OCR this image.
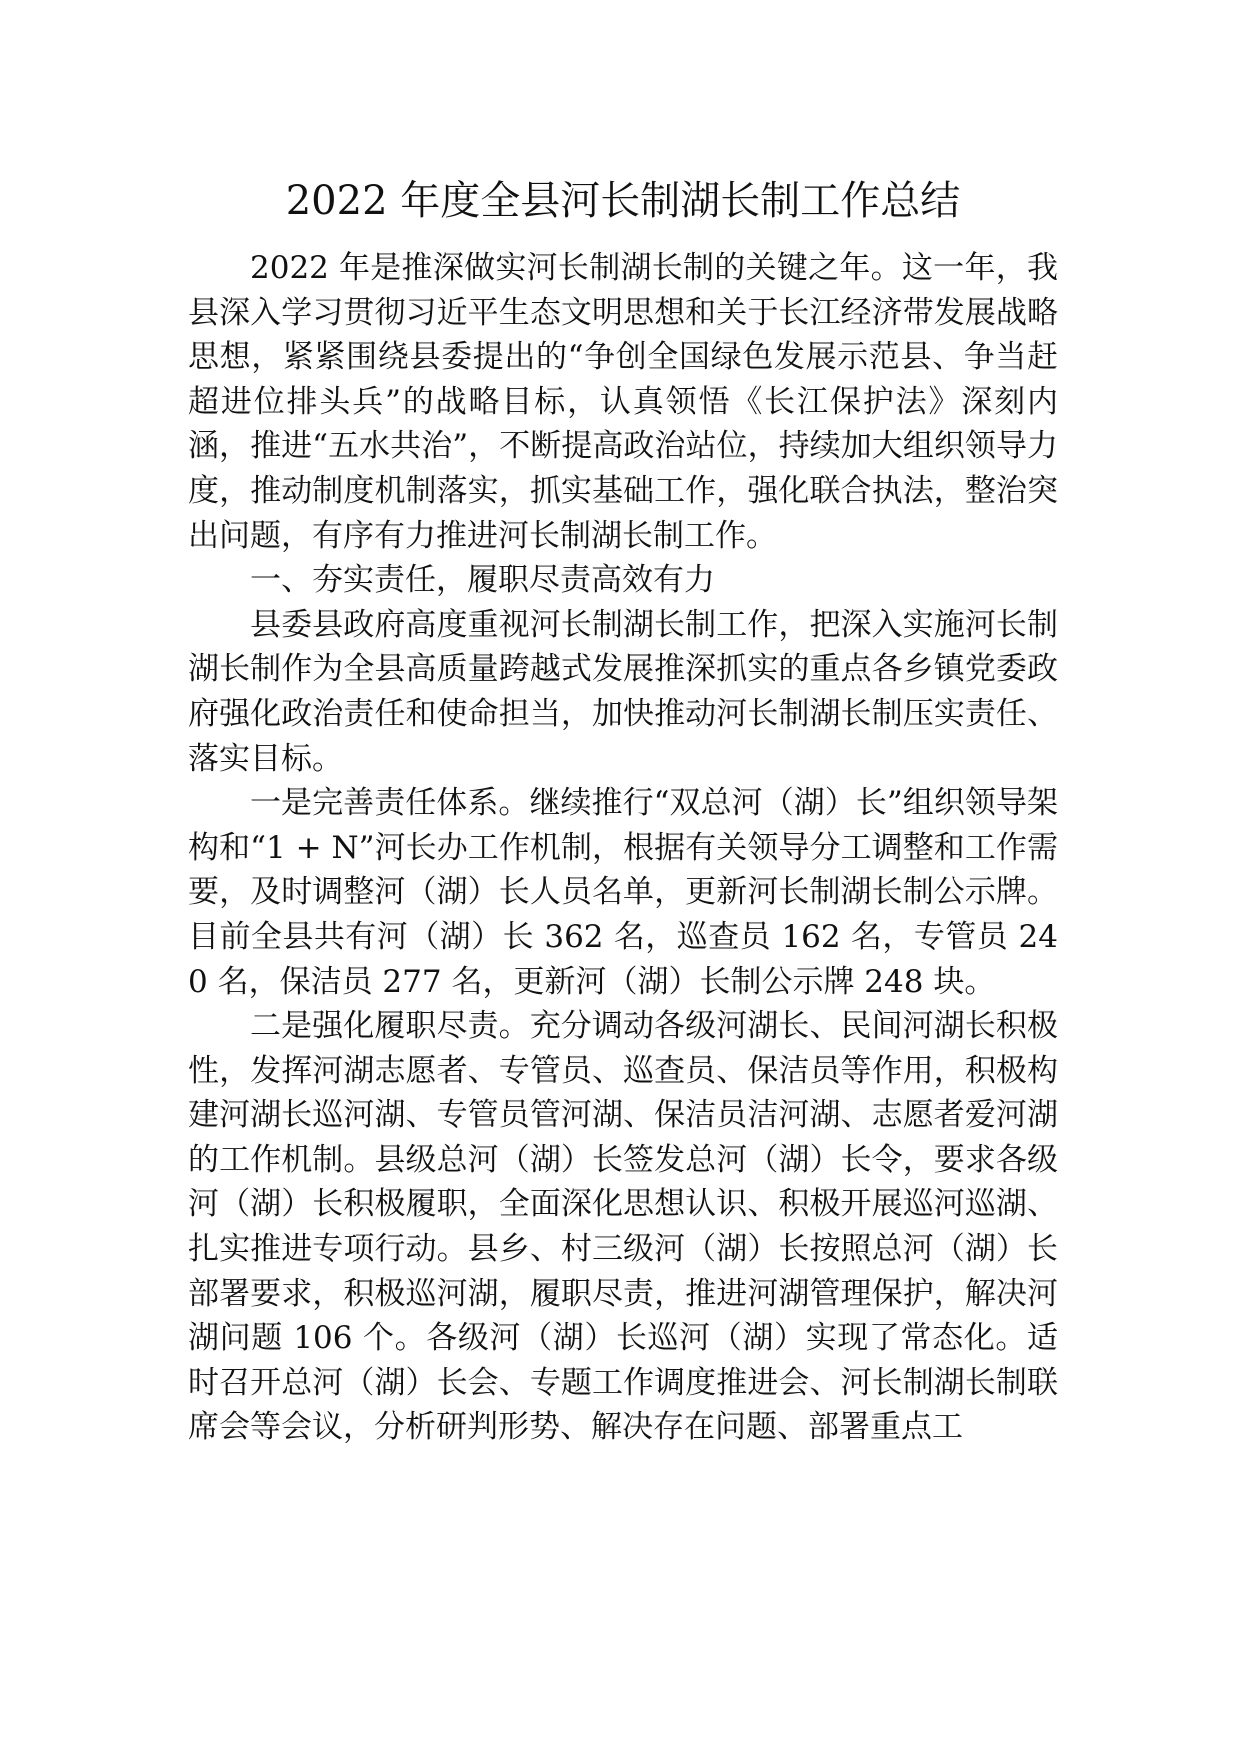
2022 年度全县河长制湖长制工作总结

2022 年是推深做实河长制湖长制的关键之年。这一年，我县深入学习贯彻习近平生态文明思想和关于长江经济带发展战略思想，紧紧围绕县委提出的“争创全国绿色发展示范县、争当赶超进位排头兵”的战略目标，认真领悟《长江保护法》深刻内涵，推进“五水共治”，不断提高政治站位，持续加大组织领导力度，推动制度机制落实，抓实基础工作，强化联合执法，整治突出问题，有序有力推进河长制湖长制工作。

一、夯实责任，履职尽责高效有力

县委县政府高度重视河长制湖长制工作，把深入实施河长制湖长制作为全县高质量跨越式发展推深抓实的重点各乡镇党委政府强化政治责任和使命担当，加快推动河长制湖长制压实责任、落实目标。

一是完善责任体系。继续推行“双总河（湖）长”组织领导架构和“1 + N”河长办工作机制，根据有关领导分工调整和工作需要，及时调整河（湖）长人员名单，更新河长制湖长制公示牌。目前全县共有河（湖）长 362 名，巡查员 162 名，专管员 240 名，保洁员 277 名，更新河（湖）长制公示牌 248 块。

二是强化履职尽责。充分调动各级河湖长、民间河湖长积极性，发挥河湖志愿者、专管员、巡查员、保洁员等作用，积极构建河湖长巡河湖、专管员管河湖、保洁员洁河湖、志愿者爱河湖的工作机制。县级总河（湖）长签发总河（湖）长令，要求各级河（湖）长积极履职，全面深化思想认识、积极开展巡河巡湖、扎实推进专项行动。县乡、村三级河（湖）长按照总河（湖）长部署要求，积极巡河湖，履职尽责，推进河湖管理保护，解决河湖问题 106 个。各级河（湖）长巡河（湖）实现了常态化。适时召开总河（湖）长会、专题工作调度推进会、河长制湖长制联席会等会议，分析研判形势、解决存在问题、部署重点工
